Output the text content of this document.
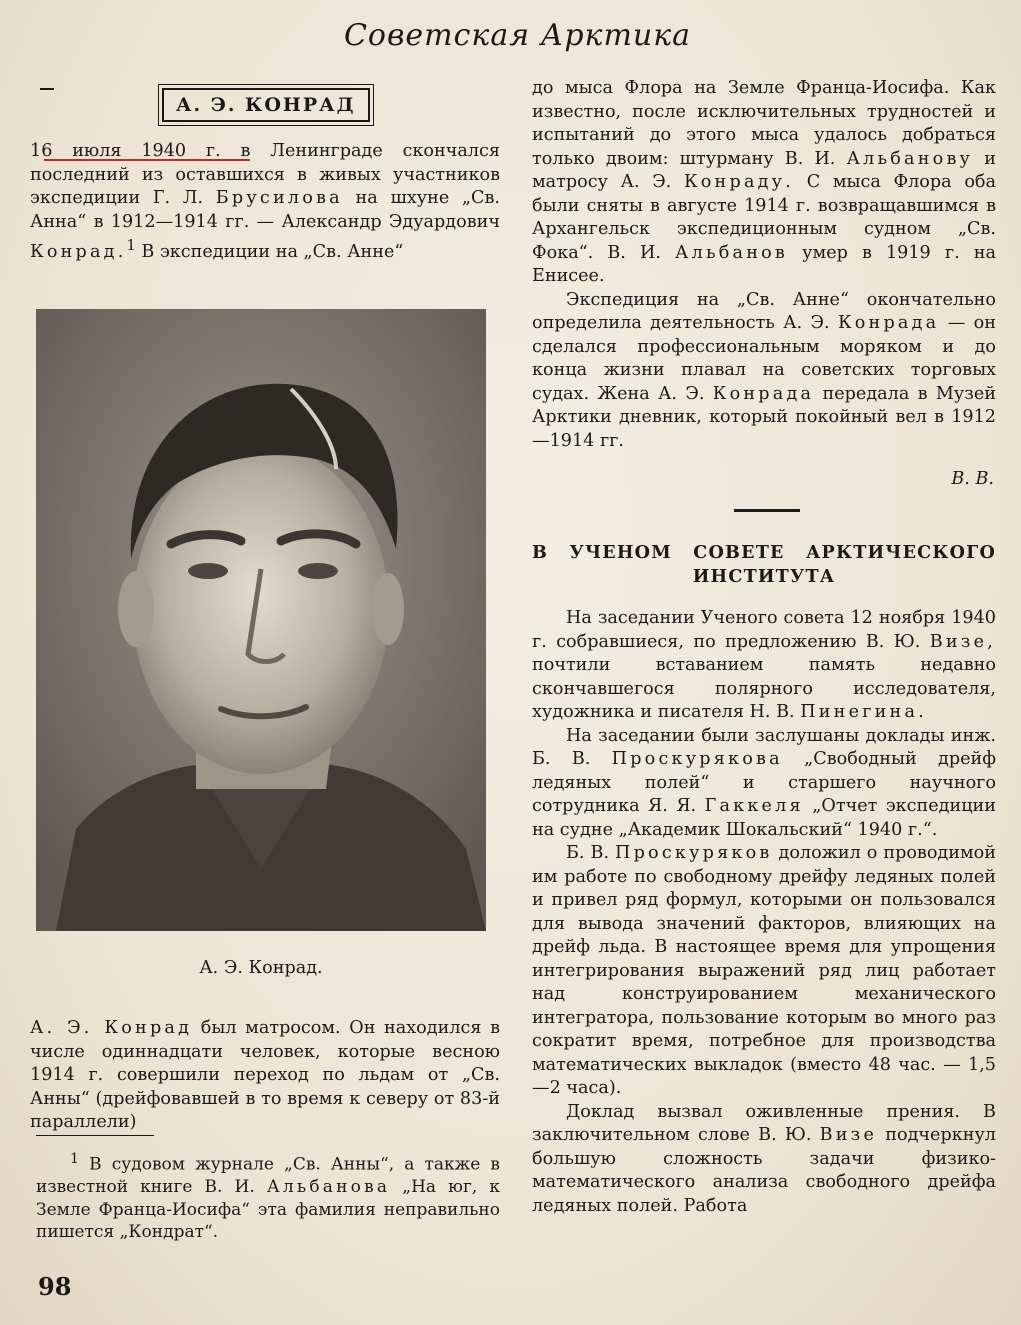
Советская Арктика
А. Э. КОНРАД

16 июля 1940 г. в Ленинграде скончался последний из оставшихся в живых участников экспедиции Г. Л. Брусилова на шхуне „Св. Анна“ в 1912—1914 гг. — Александр Эдуардович Конрад.$^1$ В экспедиции на „Св. Анне“

А. Э. Конрад.

А. Э. Конрад был матросом. Он находился в числе одиннадцати человек, которые весною 1914 г. совершили переход по льдам от „Св. Анны“ (дрейфовавшей в то время к северу от 83-й параллели)

$^1$ В судовом журнале „Св. Анны“, а также в известной книге В. И. Альбанова „На юг, к Земле Франца-Иосифа“ эта фамилия неправильно пишется „Кондрат“.

98

до мыса Флора на Земле Франца-Иосифа. Как известно, после исключительных трудностей и испытаний до этого мыса удалось добраться только двоим: штурману В. И. Альбанову и матросу А. Э. Конраду. С мыса Флора оба были сняты в августе 1914 г. возвращавшимся в Архангельск экспедиционным судном „Св. Фока“. В. И. Альбанов умер в 1919 г. на Енисее.

Экспедиция на „Св. Анне“ окончательно определила деятельность А. Э. Конрада — он сделался профессиональным моряком и до конца жизни плавал на советских торговых судах. Жена А. Э. Конрада передала в Музей Арктики дневник, который покойный вел в 1912—1914 гг.

В. В.
В УЧЕНОМ СОВЕТЕ АРКТИЧЕСКОГО
ИНСТИТУТА

На заседании Ученого совета 12 ноября 1940 г. собравшиеся, по предложению В. Ю. Визе, почтили вставанием память недавно скончавшегося полярного исследователя, художника и писателя Н. В. Пинегина.

На заседании были заслушаны доклады инж. Б. В. Проскурякова „Свободный дрейф ледяных полей“ и старшего научного сотрудника Я. Я. Гаккеля „Отчет экспедиции на судне „Академик Шокальский“ 1940 г.“.

Б. В. Проскуряков доложил о проводимой им работе по свободному дрейфу ледяных полей и привел ряд формул, которыми он пользовался для вывода значений факторов, влияющих на дрейф льда. В настоящее время для упрощения интегрирования выражений ряд лиц работает над конструированием механического интегратора, пользование которым во много раз сократит время, потребное для производства математических выкладок (вместо 48 час. — 1,5—2 часа).

Доклад вызвал оживленные прения. В заключительном слове В. Ю. Визе подчеркнул большую сложность задачи физико-математического анализа свободного дрейфа ледяных полей. Работа
